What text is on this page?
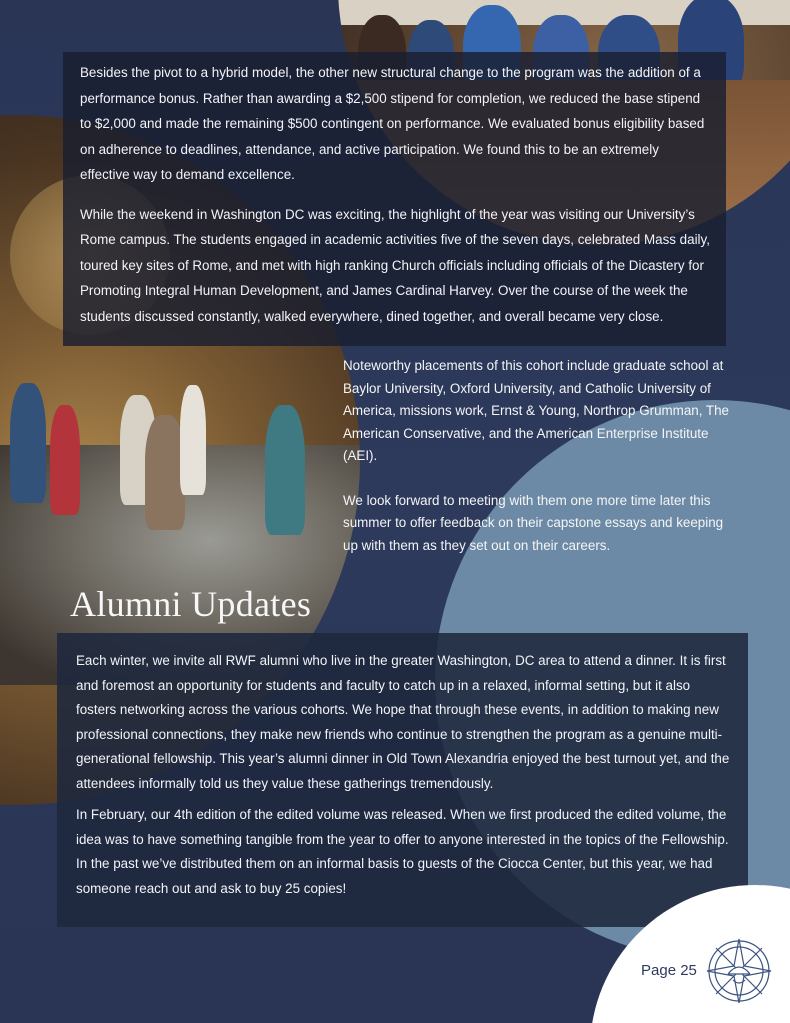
Besides the pivot to a hybrid model, the other new structural change to the program was the addition of a performance bonus. Rather than awarding a $2,500 stipend for completion, we reduced the base stipend to $2,000 and made the remaining $500 contingent on performance. We evaluated bonus eligibility based on adherence to deadlines, attendance, and active participation. We found this to be an extremely effective way to demand excellence.

While the weekend in Washington DC was exciting, the highlight of the year was visiting our University’s Rome campus. The students engaged in academic activities five of the seven days, celebrated Mass daily, toured key sites of Rome, and met with high ranking Church officials including officials of the Dicastery for Promoting Integral Human Development, and James Cardinal Harvey. Over the course of the week the students discussed constantly, walked everywhere, dined together, and overall became very close.

Noteworthy placements of this cohort include graduate school at Baylor University, Oxford University, and Catholic University of America, missions work, Ernst & Young, Northrop Grumman, The American Conservative, and the American Enterprise Institute (AEI).

We look forward to meeting with them one more time later this summer to offer feedback on their capstone essays and keeping up with them as they set out on their careers.

Alumni Updates

Each winter, we invite all RWF alumni who live in the greater Washington, DC area to attend a dinner. It is first and foremost an opportunity for students and faculty to catch up in a relaxed, informal setting, but it also fosters networking across the various cohorts. We hope that through these events, in addition to making new professional connections, they make new friends who continue to strengthen the program as a genuine multi-generational fellowship. This year’s alumni dinner in Old Town Alexandria enjoyed the best turnout yet, and the attendees informally told us they value these gatherings tremendously.

In February, our 4th edition of the edited volume was released. When we first produced the edited volume, the idea was to have something tangible from the year to offer to anyone interested in the topics of the Fellowship. In the past we’ve distributed them on an informal basis to guests of the Ciocca Center, but this year, we had someone reach out and ask to buy 25 copies!

Page 25
